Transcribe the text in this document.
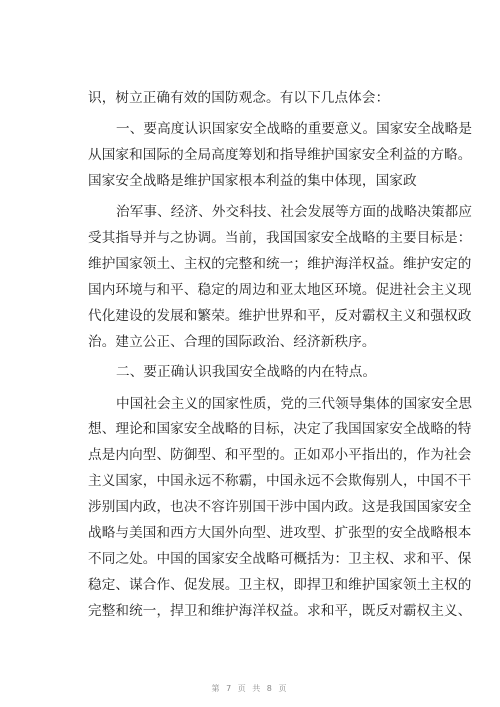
识，树立正确有效的国防观念。有以下几点体会：
一、要高度认识国家安全战略的重要意义。国家安全战略是
从国家和国际的全局高度筹划和指导维护国家安全利益的方略。
国家安全战略是维护国家根本利益的集中体现，国家政
治军事、经济、外交科技、社会发展等方面的战略决策都应
受其指导并与之协调。当前，我国国家安全战略的主要目标是：
维护国家领土、主权的完整和统一；维护海洋权益。维护安定的
国内环境与和平、稳定的周边和亚太地区环境。促进社会主义现
代化建设的发展和繁荣。维护世界和平，反对霸权主义和强权政
治。建立公正、合理的国际政治、经济新秩序。
二、要正确认识我国安全战略的内在特点。
中国社会主义的国家性质，党的三代领导集体的国家安全思
想、理论和国家安全战略的目标，决定了我国国家安全战略的特
点是内向型、防御型、和平型的。正如邓小平指出的，作为社会
主义国家，中国永远不称霸，中国永远不会欺侮别人，中国不干
涉别国内政，也决不容许别国干涉中国内政。这是我国国家安全
战略与美国和西方大国外向型、进攻型、扩张型的安全战略根本
不同之处。中国的国家安全战略可概括为：卫主权、求和平、保
稳定、谋合作、促发展。卫主权，即捍卫和维护国家领土主权的
完整和统一，捍卫和维护海洋权益。求和平，既反对霸权主义、
第 7 页 共 8 页
